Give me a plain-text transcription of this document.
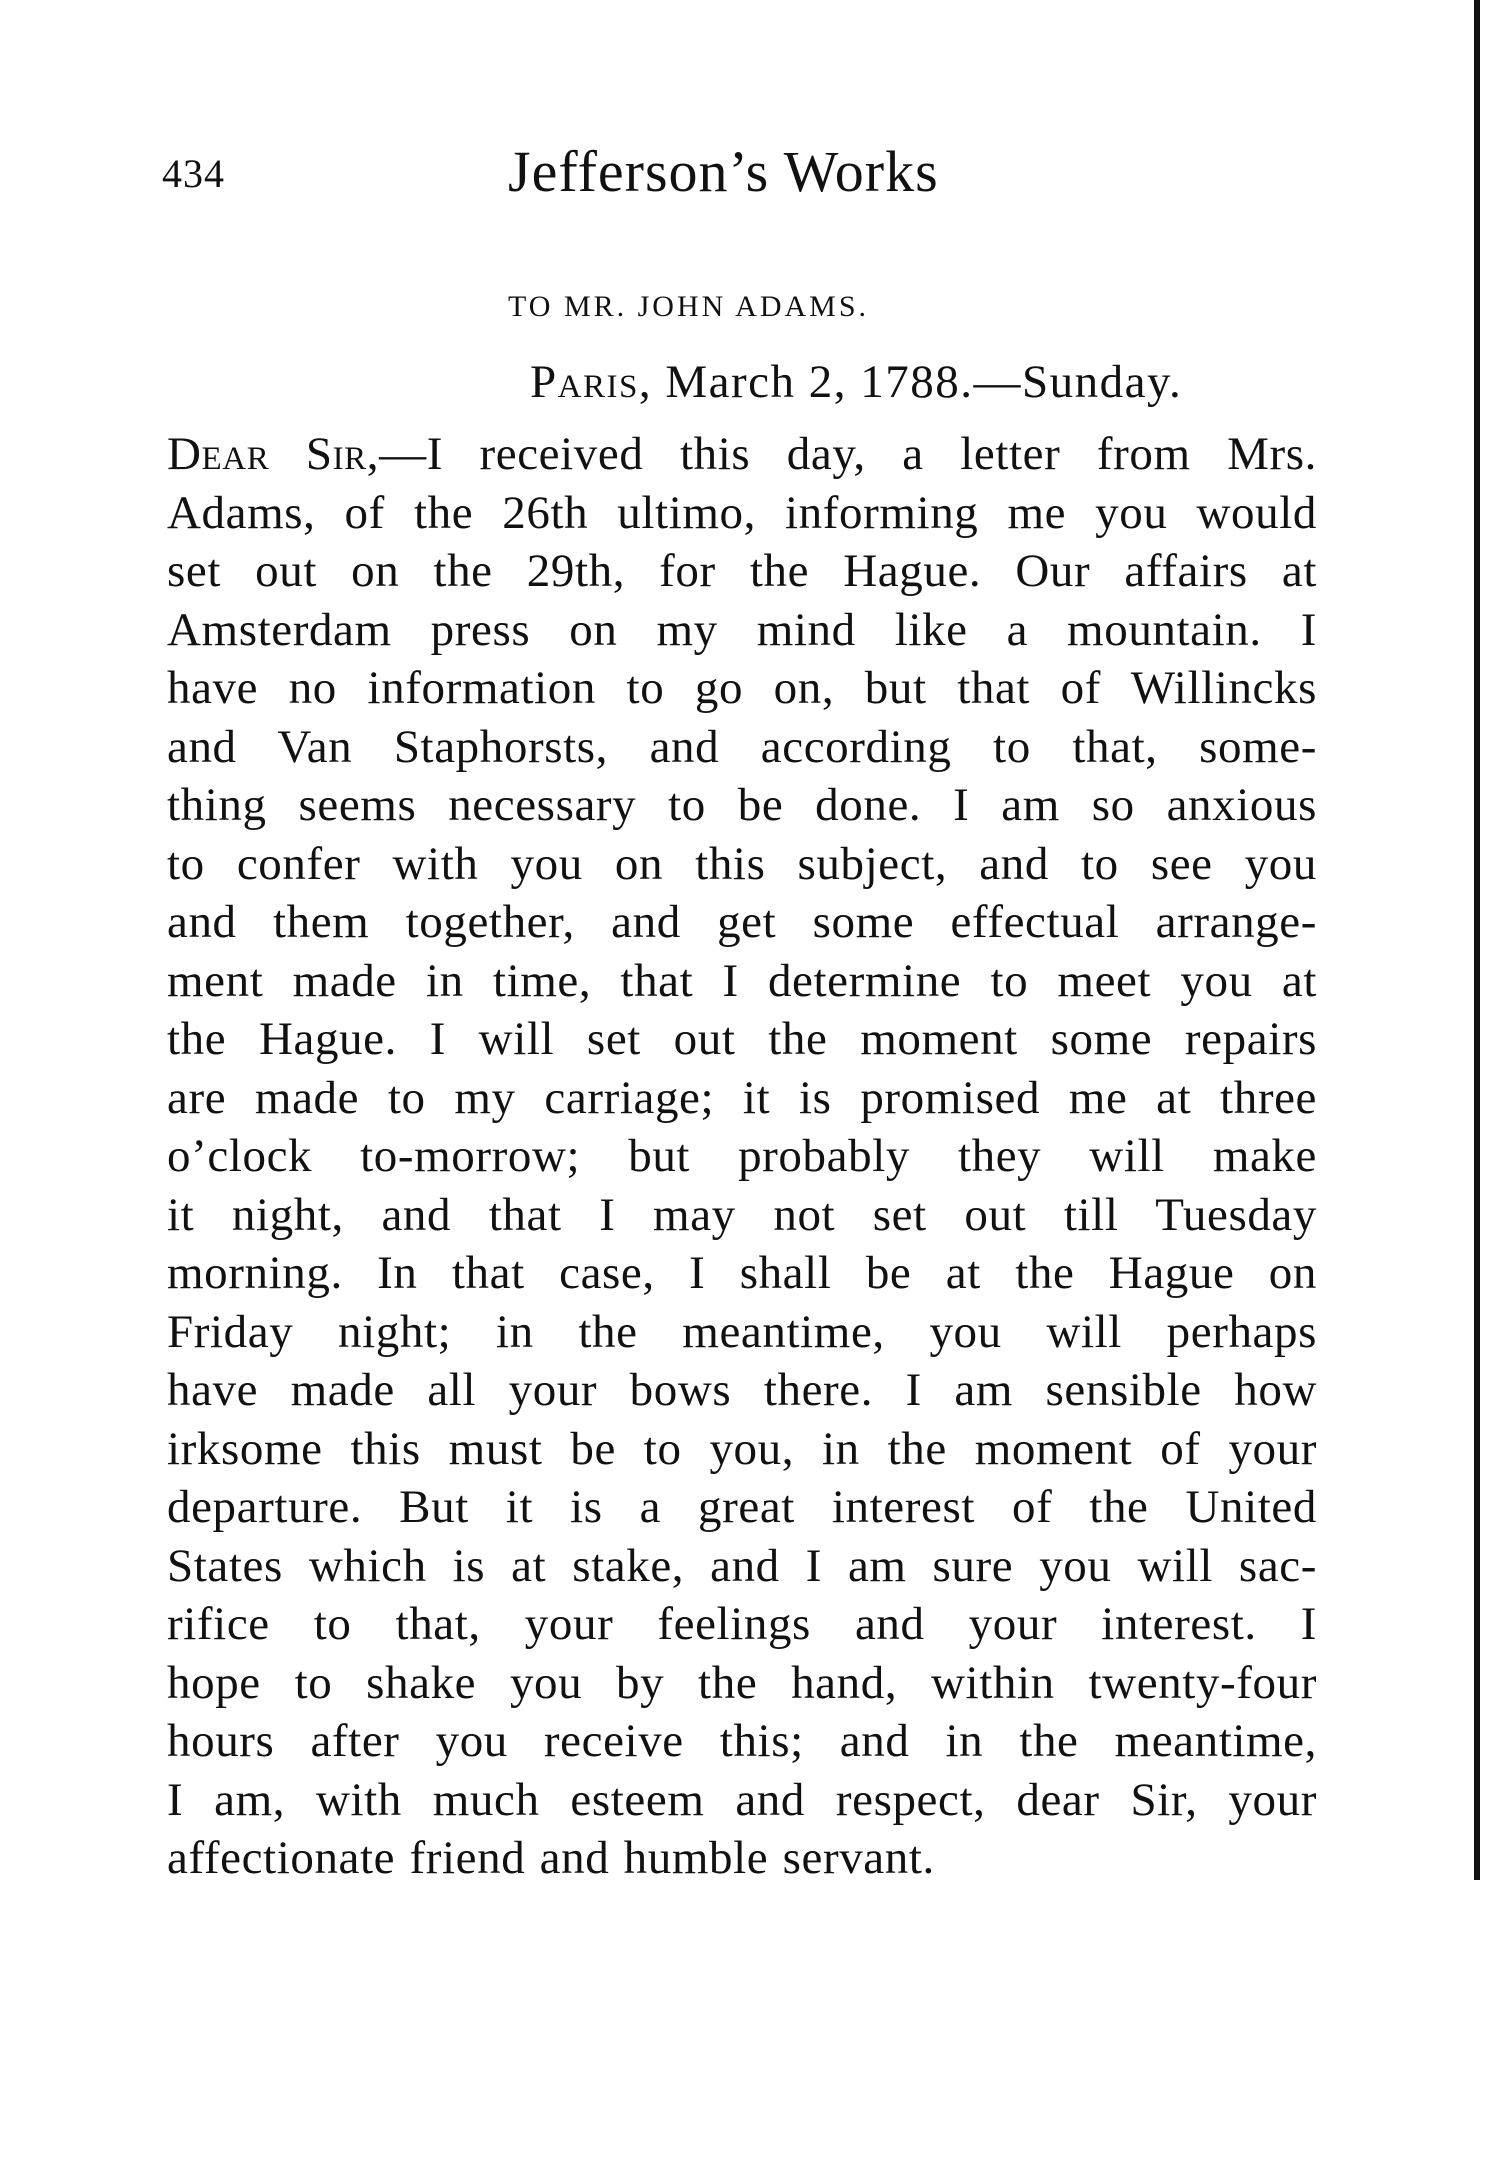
434	Jefferson’s Works
TO MR. JOHN ADAMS.
Paris, March 2, 1788.—Sunday.
Dear Sir,—I received this day, a letter from Mrs.
Adams, of the 26th ultimo, informing me you would
set out on the 29th, for the Hague. Our affairs at
Amsterdam press on my mind like a mountain. I
have no information to go on, but that of Willincks
and Van Staphorsts, and according to that, some-
thing seems necessary to be done. I am so anxious
to confer with you on this subject, and to see you
and them together, and get some effectual arrange-
ment made in time, that I determine to meet you at
the Hague. I will set out the moment some repairs
are made to my carriage; it is promised me at three
o’clock to-morrow; but probably they will make
it night, and that I may not set out till Tuesday
morning. In that case, I shall be at the Hague on
Friday night; in the meantime, you will perhaps
have made all your bows there. I am sensible how
irksome this must be to you, in the moment of your
departure. But it is a great interest of the United
States which is at stake, and I am sure you will sac-
rifice to that, your feelings and your interest. I
hope to shake you by the hand, within twenty-four
hours after you receive this; and in the meantime,
I am, with much esteem and respect, dear Sir, your
affectionate friend and humble servant.
